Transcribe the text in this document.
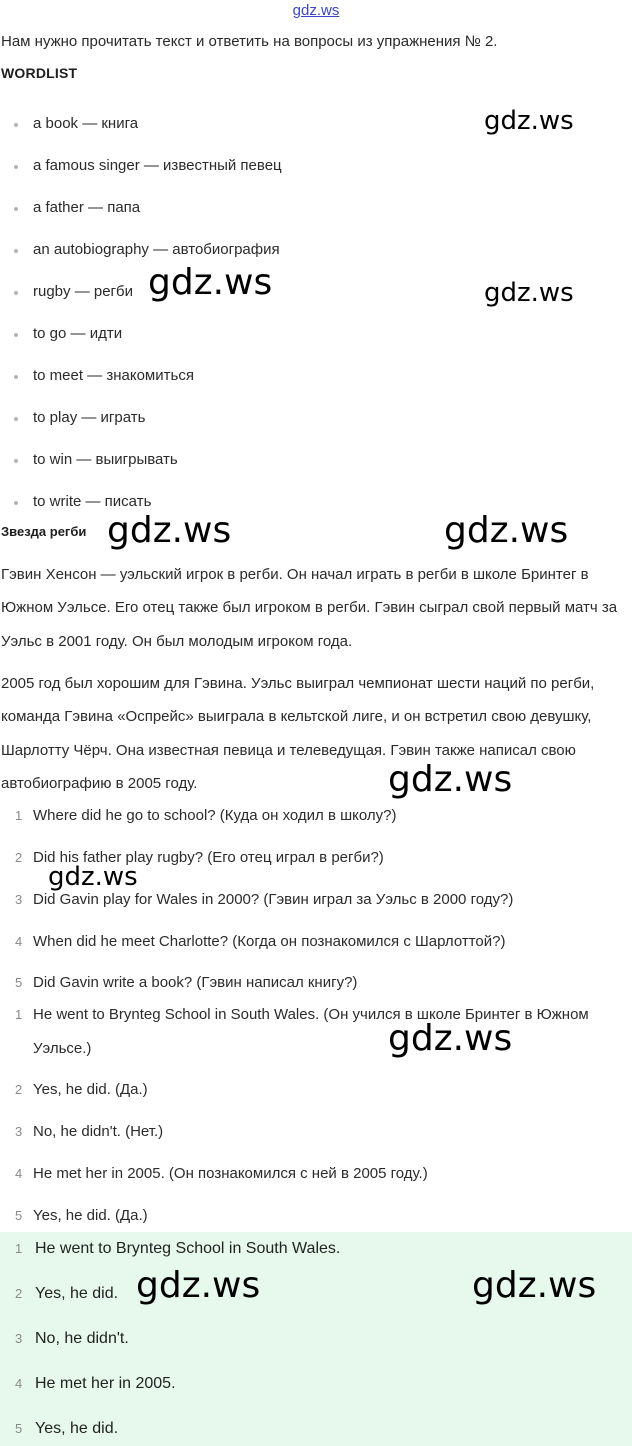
gdz.ws
Нам нужно прочитать текст и ответить на вопросы из упражнения № 2.
WORDLIST
a book — книга
a famous singer — известный певец
a father — папа
an autobiography — автобиография
rugby — регби
to go — идти
to meet — знакомиться
to play — играть
to win — выигрывать
to write — писать
Звезда регби
Гэвин Хенсон — уэльский игрок в регби. Он начал играть в регби в школе Бринтег в Южном Уэльсе. Его отец также был игроком в регби. Гэвин сыграл свой первый матч за Уэльс в 2001 году. Он был молодым игроком года.
2005 год был хорошим для Гэвина. Уэльс выиграл чемпионат шести наций по регби, команда Гэвина «Оспрейс» выиграла в кельтской лиге, и он встретил свою девушку, Шарлотту Чёрч. Она известная певица и телеведущая. Гэвин также написал свою автобиографию в 2005 году.
1 Where did he go to school? (Куда он ходил в школу?)
2 Did his father play rugby? (Его отец играл в регби?)
3 Did Gavin play for Wales in 2000? (Гэвин играл за Уэльс в 2000 году?)
4 When did he meet Charlotte? (Когда он познакомился с Шарлоттой?)
5 Did Gavin write a book? (Гэвин написал книгу?)
1 He went to Brynteg School in South Wales. (Он учился в школе Бринтег в Южном Уэльсе.)
2 Yes, he did. (Да.)
3 No, he didn't. (Нет.)
4 He met her in 2005. (Он познакомился с ней в 2005 году.)
5 Yes, he did. (Да.)
1 He went to Brynteg School in South Wales.
2 Yes, he did.
3 No, he didn't.
4 He met her in 2005.
5 Yes, he did.
gdz.ws
gdz.ws	gdz.ws
gdz.ws	gdz.ws
gdz.ws
gdz.ws
gdz.ws
gdz.ws	gdz.ws
